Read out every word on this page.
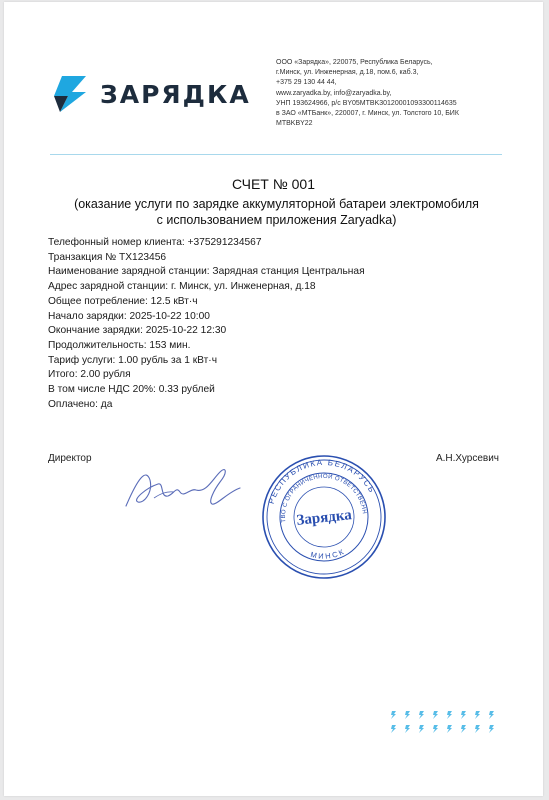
ЗАРЯДКА
ООО «Зарядка», 220075, Республика Беларусь,
г.Минск, ул. Инженерная, д.18, пом.6, каб.3,
+375 29 130 44 44,
www.zaryadka.by, info@zaryadka.by,
УНП 193624966, р/с BY05MTBK30120001093300114635
в ЗАО «МТБанк», 220007, г. Минск, ул. Толстого 10, БИК
MTBKBY22
СЧЕТ № 001
(оказание услуги по зарядке аккумуляторной батареи электромобиля
с использованием приложения Zaryadka)
Телефонный номер клиента: +375291234567
Транзакция № TX123456
Наименование зарядной станции: Зарядная станция Центральная
Адрес зарядной станции: г. Минск, ул. Инженерная, д.18
Общее потребление: 12.5 кВт·ч
Начало зарядки: 2025-10-22 10:00
Окончание зарядки: 2025-10-22 12:30
Продолжительность: 153 мин.
Тариф услуги: 1.00 рубль за 1 кВт·ч
Итого: 2.00 рубля
В том числе НДС 20%: 0.33 рублей
Оплачено: да
Директор	А.Н.Хурсевич
РЕСПУБЛИКА БЕЛАРУСЬ
ОБЩЕСТВО С ОГРАНИЧЕННОЙ ОТВЕТСТВЕННОСТЬЮ
МИНСК
Зарядка
